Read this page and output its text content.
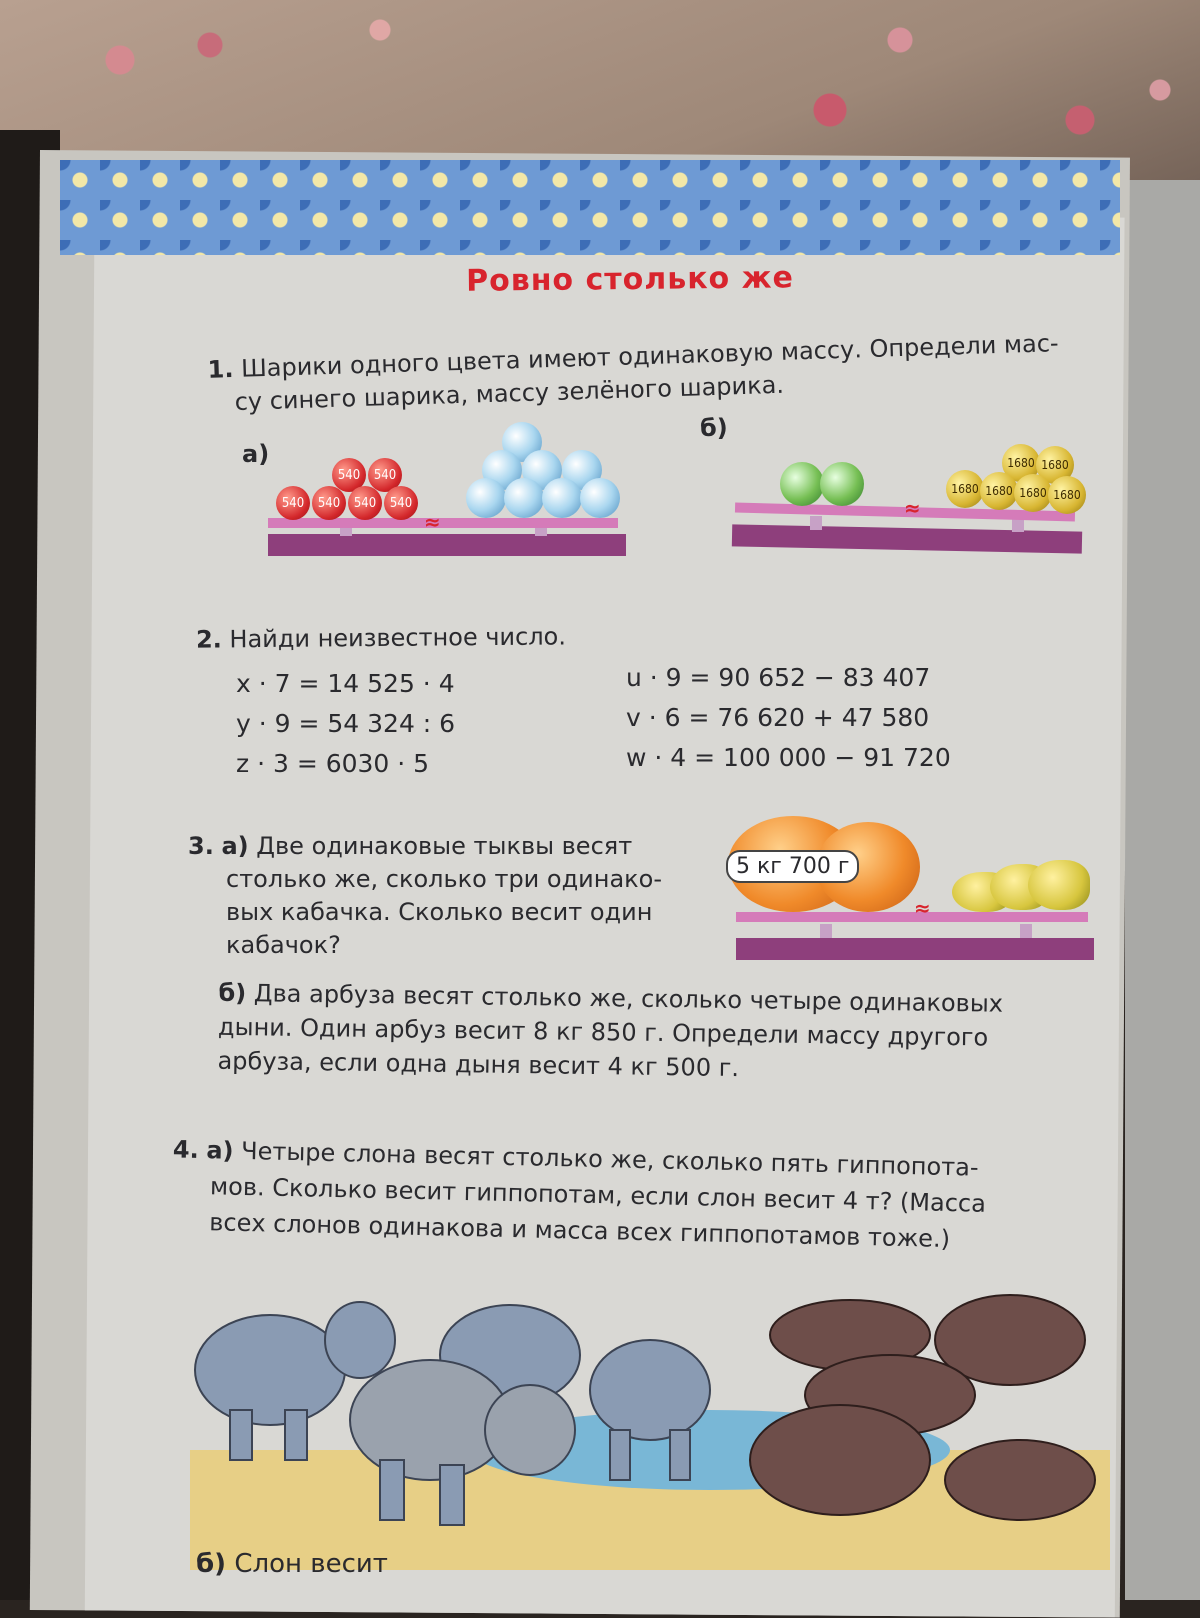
Ровно столько же
1. Шарики одного цвета имеют одинаковую массу. Определи мас-
су синего шарика, массу зелёного шарика.
а)
б)
540	540
540	540	540	540
≈
≈
1680 1680
1680 1680 1680 1680
2. Найди неизвестное число.
x · 7 = 14 525 · 4
y · 9 = 54 324 : 6
z · 3 = 6030 · 5
u · 9 = 90 652 − 83 407
v · 6 = 76 620 + 47 580
w · 4 = 100 000 − 91 720
3. а) Две одинаковые тыквы весят
столько же, сколько три одинако-
вых кабачка. Сколько весит один
кабачок?
5 кг 700 г
≈
б) Два арбуза весят столько же, сколько четыре одинаковых
дыни. Один арбуз весит 8 кг 850 г. Определи массу другого
арбуза, если одна дыня весит 4 кг 500 г.
4. а) Четыре слона весят столько же, сколько пять гиппопота-
мов. Сколько весит гиппопотам, если слон весит 4 т? (Масса
всех слонов одинакова и масса всех гиппопотамов тоже.)
б) Слон весит
